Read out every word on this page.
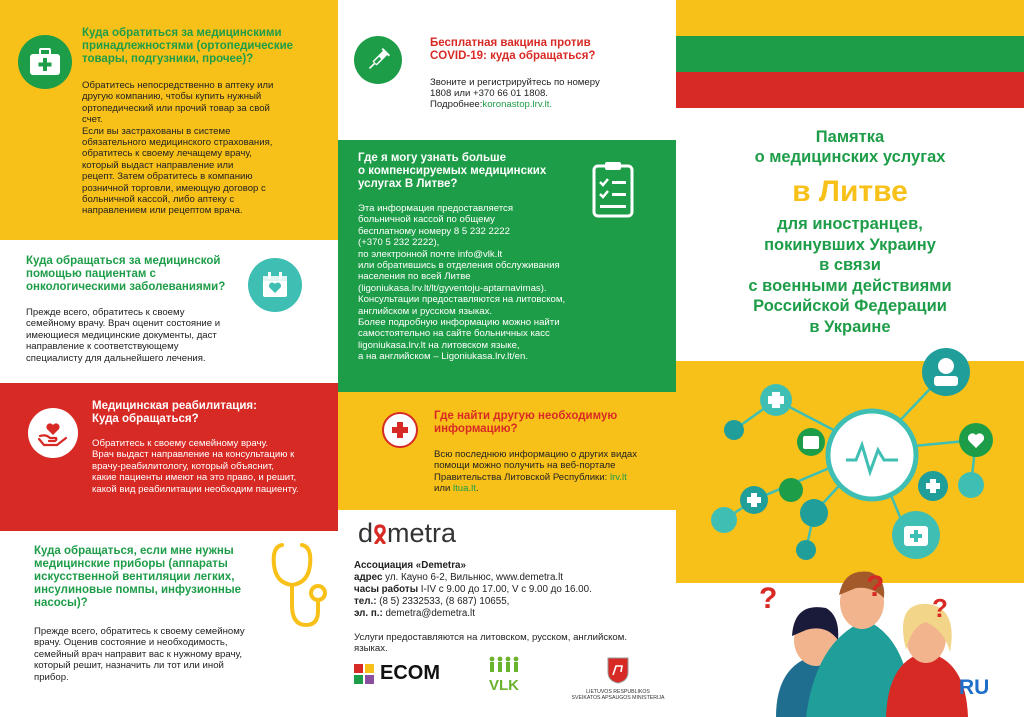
Куда обратиться за медицинскими принадлежностями (ортопедические товары, подгузники, прочее)?
Обратитесь непосредственно в аптеку или
другую компанию, чтобы купить нужный
ортопедический или прочий товар за свой
счет.
Если вы застрахованы в системе
обязательного медицинского страхования,
обратитесь к своему лечащему врачу,
который выдаст направление или
рецепт. Затем обратитесь в компанию
розничной торговли, имеющую договор с
больничной кассой, либо аптеку с
направлением или рецептом врача.
Куда обращаться за медицинской помощью пациентам с онкологическими заболеваниями?
Прежде всего, обратитесь к своему
семейному врачу. Врач оценит состояние и
имеющиеся медицинские документы, даст
направление к соответствующему
специалисту для дальнейшего лечения.
Медицинская реабилитация:
Куда обращаться?
Обратитесь к своему семейному врачу.
Врач выдаст направление на консультацию к
врачу-реабилитологу, который объяснит,
какие пациенты имеют на это право, и решит,
какой вид реабилитации необходим пациенту.
Куда обращаться, если мне нужны медицинские приборы (аппараты искусственной вентиляции легких, инсулиновые помпы, инфузионные насосы)?
Прежде всего, обратитесь к своему семейному
врачу. Оценив состояние и необходимость,
семейный врач направит вас к нужному врачу,
который решит, назначить ли тот или иной
прибор.
Бесплатная вакцина против
COVID-19: куда обращаться?
Звоните и регистрируйтесь по номеру
1808 или +370 66 01 1808.
Подробнее:koronastop.lrv.lt.
Где я могу узнать больше
о компенсируемых медицинских
услугах В Литве?
Эта информация предоставляется
больничной кассой по общему
бесплатному номеру 8 5 232 2222
(+370 5 232 2222),
по электронной почте info@vlk.lt
или обратившись в отделения обслуживания
населения по всей Литве
(ligoniukasa.lrv.lt/lt/gyventoju-aptarnavimas).
Консультации предоставляются на литовском,
английском и русском языках.
Более подробную информацию можно найти
самостоятельно на сайте больничных касс
ligoniukasa.lrv.lt на литовском языке,
а на английском – Ligoniukasa.lrv.lt/en.
Где найти другую необходимую
информацию?
Всю последнюю информацию о других видах
помощи можно получить на веб-портале
Правительства Литовской Республики: lrv.lt
или ltua.lt.
d metra
Ассоциация «Demetra»
адрес ул. Кауно 6-2, Вильнюс, www.demetra.lt
часы работы I-IV с 9.00 до 17.00, V с 9.00 до 16.00.
тел.: (8 5) 2332533, (8 687) 10655,
эл. п.: demetra@demetra.lt
Услуги предоставляются на литовском, русском, английском.
языках.
ECOM
VLK	LIETUVOS RESPUBLIKOS
SVEIKATOS APSAUGOS MINISTERIJA
Памятка
о медицинских услугах
в Литве
для иностранцев,
покинувших Украину
в связи
с военными действиями
Российской Федерации
в Украине
?	?
?
RU
